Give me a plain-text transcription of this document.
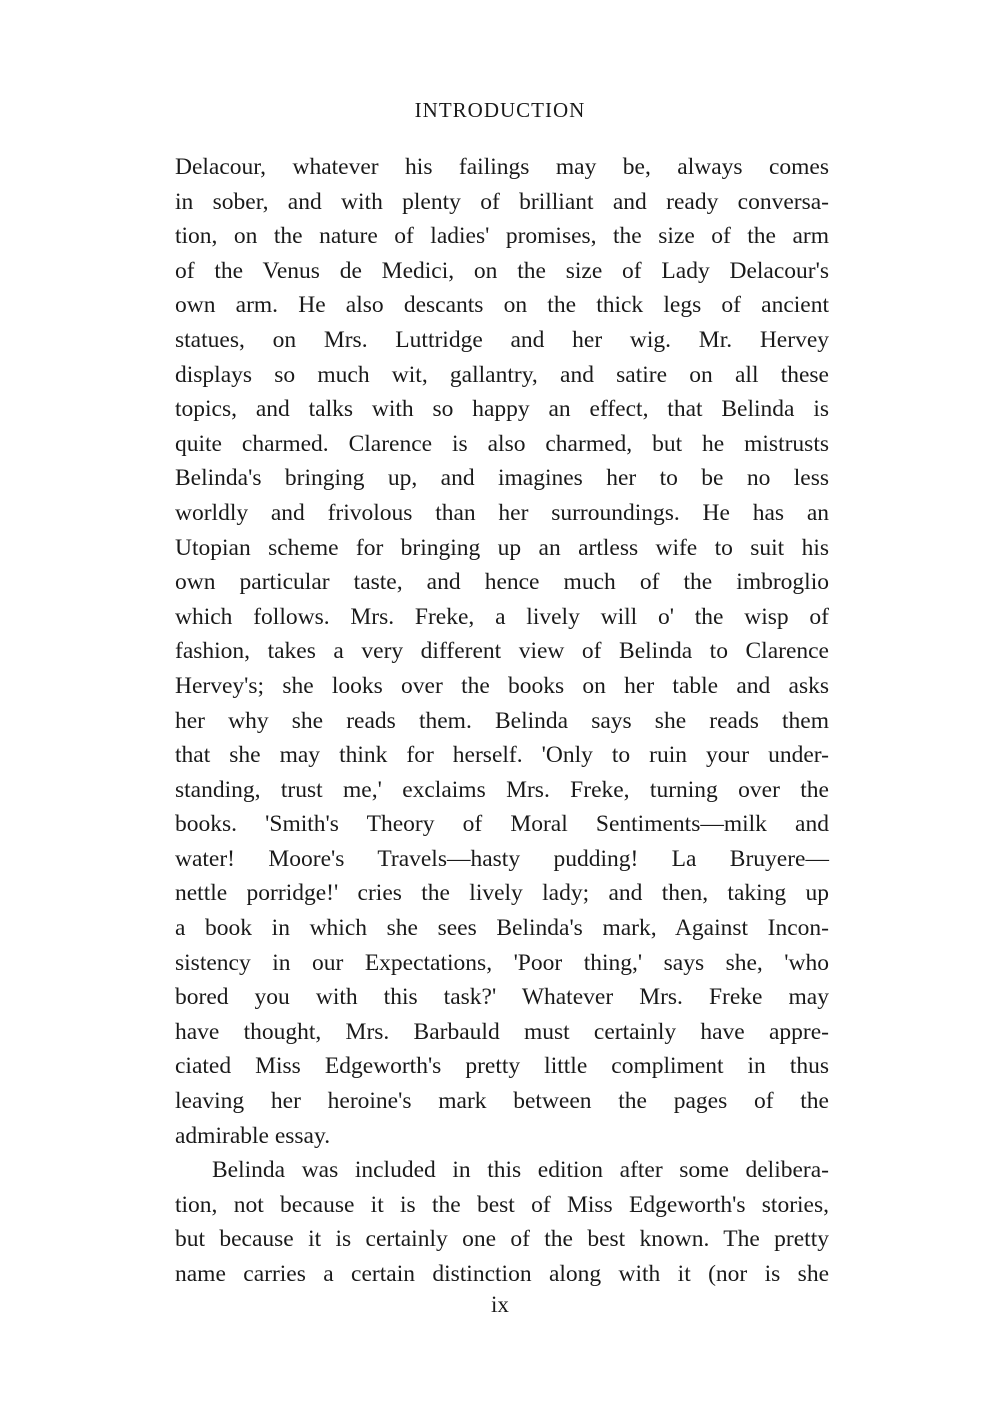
INTRODUCTION
Delacour, whatever his failings may be, always comes
in sober, and with plenty of brilliant and ready conversa-
tion, on the nature of ladies' promises, the size of the arm
of the Venus de Medici, on the size of Lady Delacour's
own arm. He also descants on the thick legs of ancient
statues, on Mrs. Luttridge and her wig. Mr. Hervey
displays so much wit, gallantry, and satire on all these
topics, and talks with so happy an effect, that Belinda is
quite charmed. Clarence is also charmed, but he mistrusts
Belinda's bringing up, and imagines her to be no less
worldly and frivolous than her surroundings. He has an
Utopian scheme for bringing up an artless wife to suit his
own particular taste, and hence much of the imbroglio
which follows. Mrs. Freke, a lively will o' the wisp of
fashion, takes a very different view of Belinda to Clarence
Hervey's; she looks over the books on her table and asks
her why she reads them. Belinda says she reads them
that she may think for herself. 'Only to ruin your under-
standing, trust me,' exclaims Mrs. Freke, turning over the
books. 'Smith's Theory of Moral Sentiments—milk and
water! Moore's Travels—hasty pudding! La Bruyere—
nettle porridge!' cries the lively lady; and then, taking up
a book in which she sees Belinda's mark, Against Incon-
sistency in our Expectations, 'Poor thing,' says she, 'who
bored you with this task?' Whatever Mrs. Freke may
have thought, Mrs. Barbauld must certainly have appre-
ciated Miss Edgeworth's pretty little compliment in thus
leaving her heroine's mark between the pages of the
admirable essay.
Belinda was included in this edition after some delibera-
tion, not because it is the best of Miss Edgeworth's stories,
but because it is certainly one of the best known. The pretty
name carries a certain distinction along with it (nor is she
ix
